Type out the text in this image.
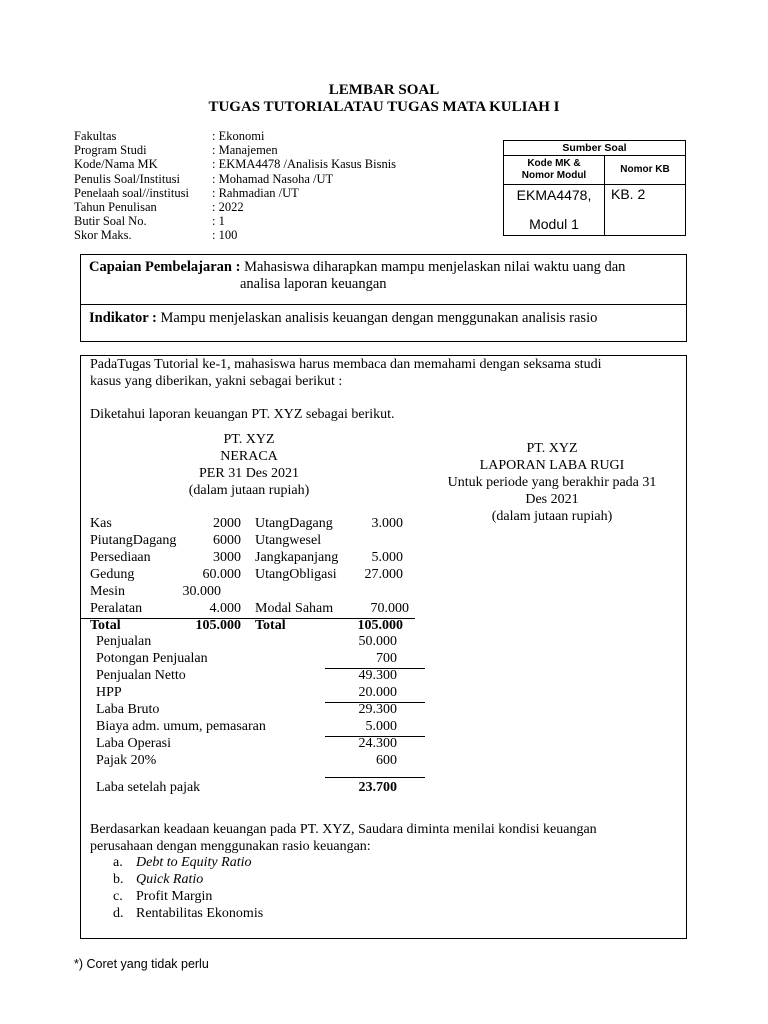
LEMBAR SOAL
TUGAS TUTORIALATAU TUGAS MATA KULIAH I
Fakultas	: Ekonomi
Program Studi	: Manajemen
Kode/Nama MK	: EKMA4478 /Analisis Kasus Bisnis
Penulis Soal/Institusi	: Mohamad Nasoha /UT
Penelaah soal//institusi	: Rahmadian /UT
Tahun Penulisan	: 2022
Butir Soal No.	: 1
Skor Maks.	: 100
Sumber Soal
Kode MK &
Nomor Modul
EKMA4478,
Modul 1
Nomor KB
KB. 2
Capaian Pembelajaran : Mahasiswa diharapkan mampu menjelaskan nilai waktu uang dan
analisa laporan keuangan
Indikator : Mampu menjelaskan analisis keuangan dengan menggunakan analisis rasio
PadaTugas Tutorial ke-1, mahasiswa harus membaca dan memahami dengan seksama studi
kasus yang diberikan, yakni sebagai berikut :
Diketahui laporan keuangan PT. XYZ sebagai berikut.
PT. XYZ
NERACA
PER 31 Des 2021
(dalam jutaan rupiah)
PT. XYZ
LAPORAN LABA RUGI
Untuk periode yang berakhir pada 31
Des 2021
(dalam jutaan rupiah)
Kas	2000 UtangDagang	3.000
PiutangDagang	6000 Utangwesel
Persediaan	3000 Jangkapanjang	5.000
Gedung	60.000 UtangObligasi	27.000
Mesin	30.000
Peralatan	4.000 Modal Saham	70.000
Total	105.000 Total	105.000
Penjualan	50.000
Potongan Penjualan	700
Penjualan Netto	49.300
HPP	20.000
Laba Bruto	29.300
Biaya adm. umum, pemasaran	5.000
Laba Operasi	24.300
Pajak 20%	600
Laba setelah pajak	23.700
Berdasarkan keadaan keuangan pada PT. XYZ, Saudara diminta menilai kondisi keuangan
perusahaan dengan menggunakan rasio keuangan:
a. Debt to Equity Ratio
b. Quick Ratio
c. Profit Margin
d. Rentabilitas Ekonomis
*) Coret yang tidak perlu
